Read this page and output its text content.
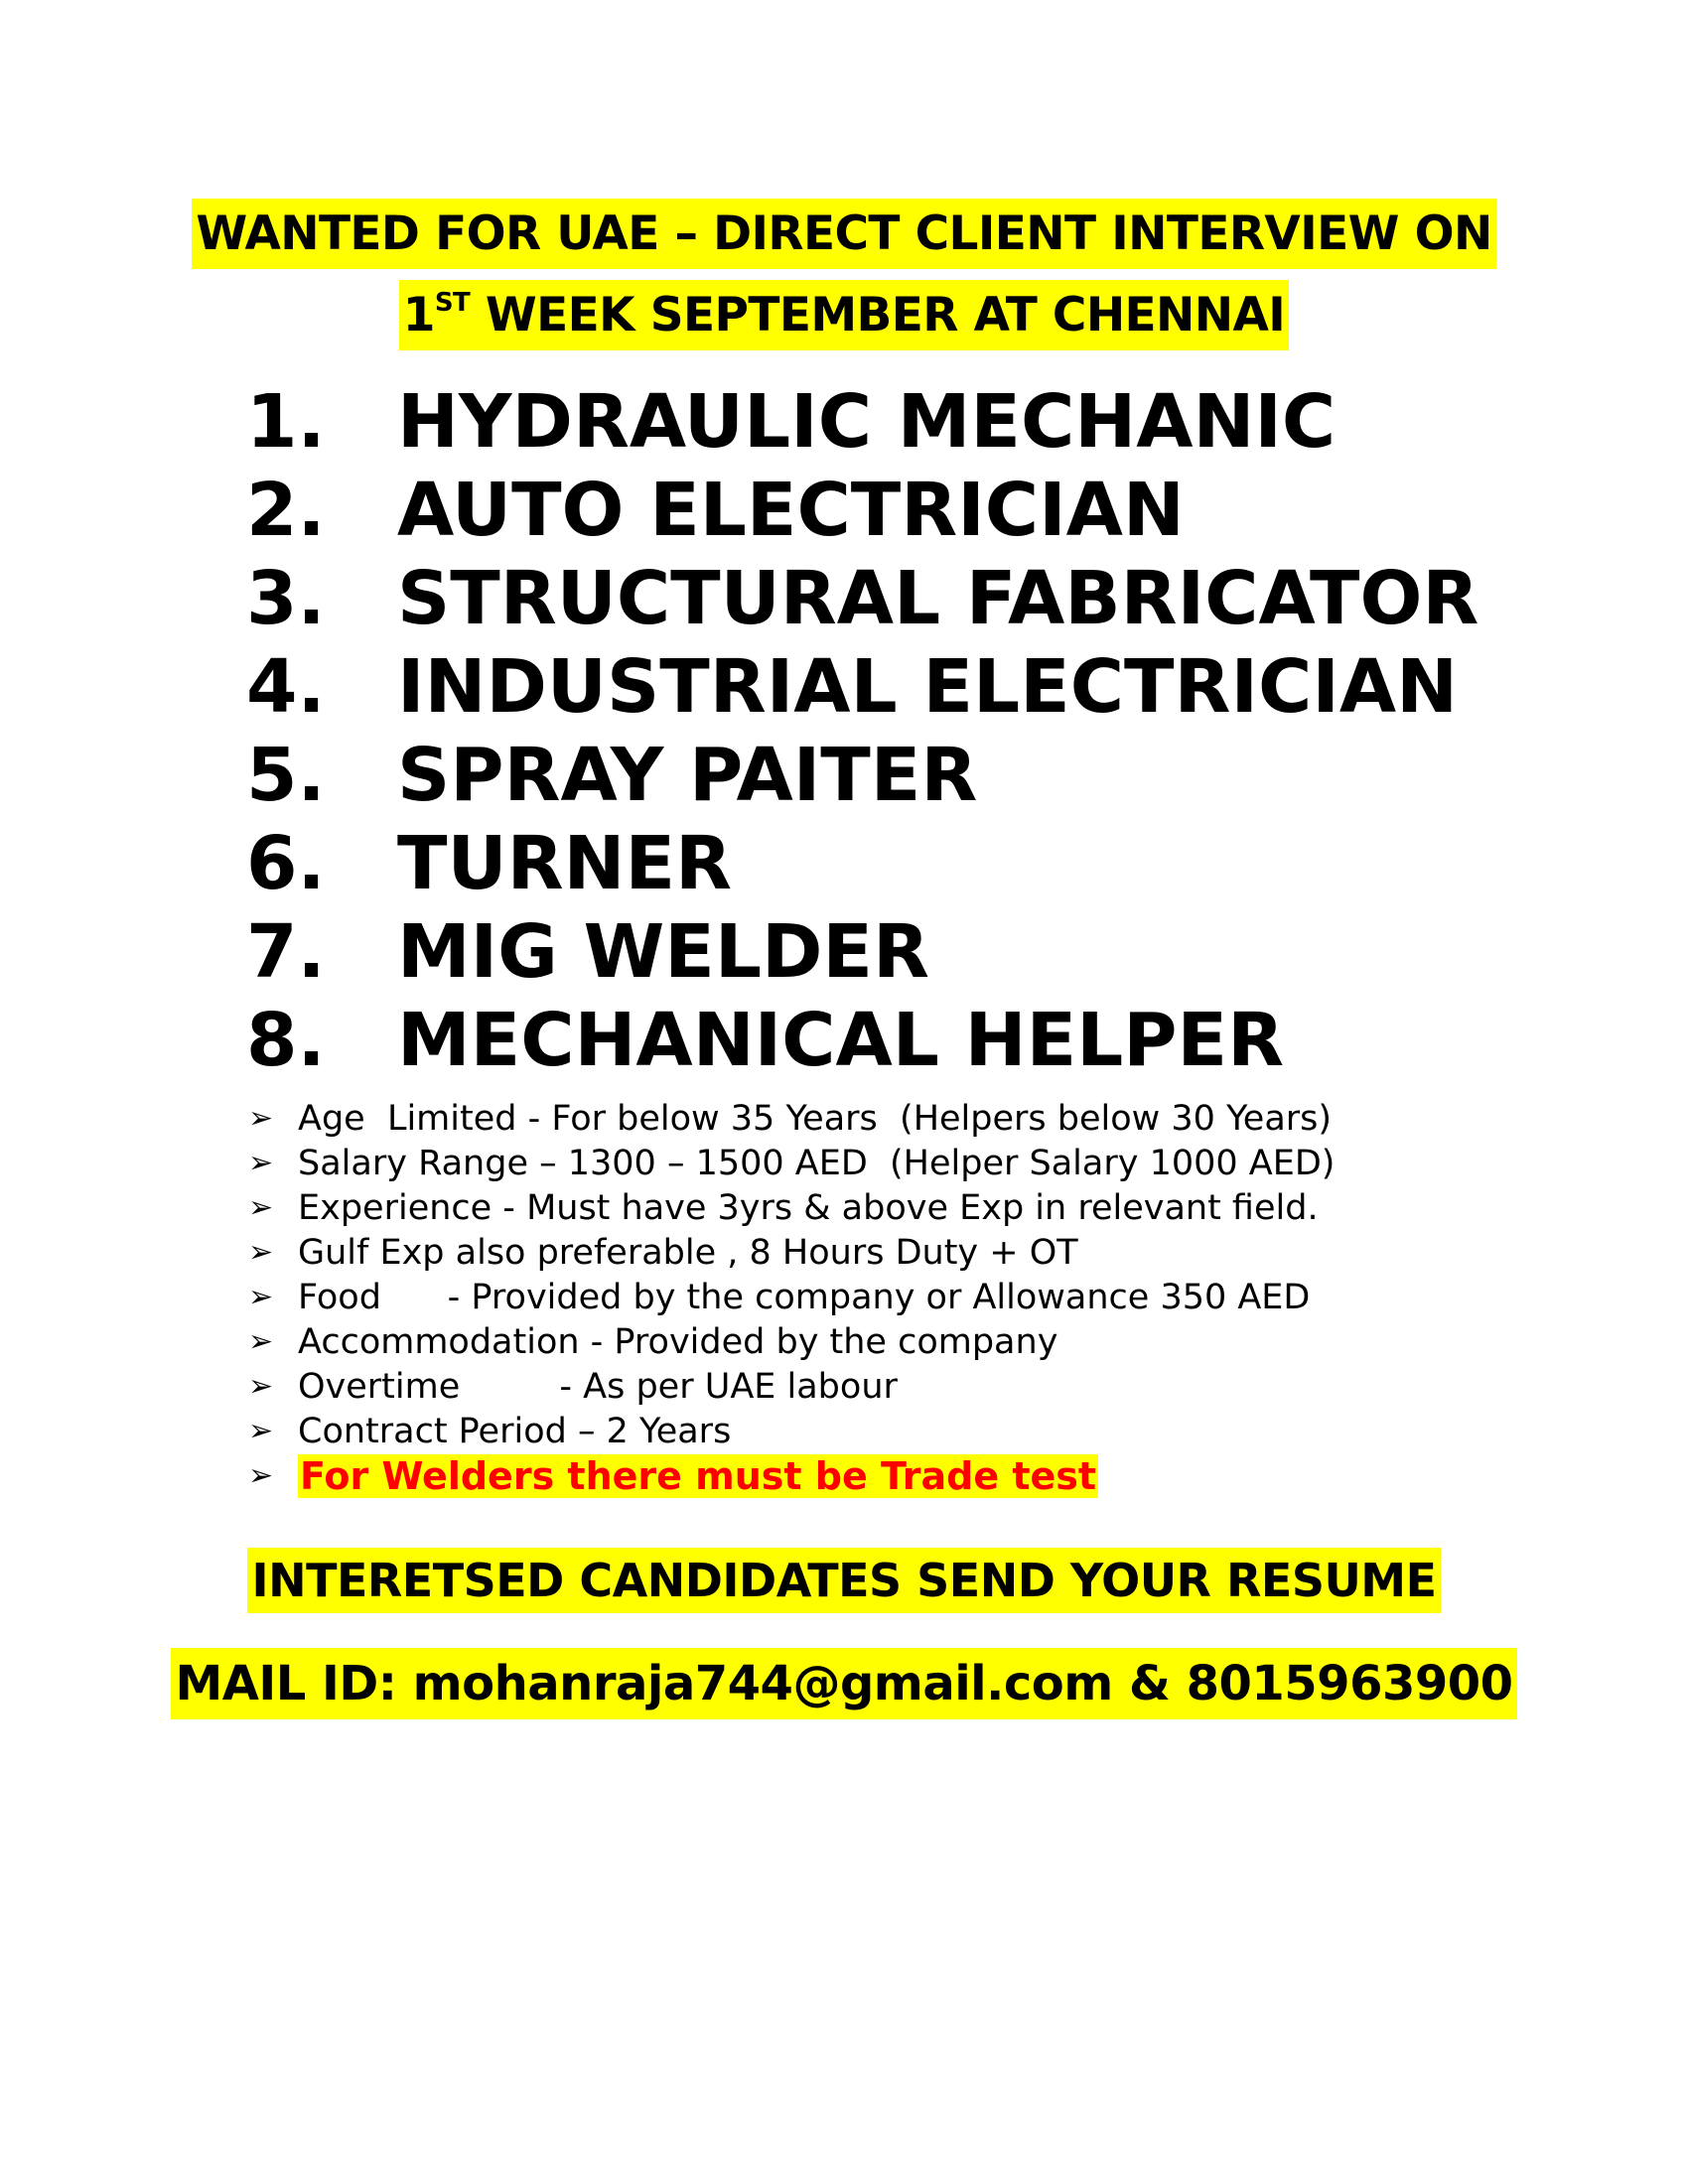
WANTED FOR UAE – DIRECT CLIENT INTERVIEW ON
1ST WEEK SEPTEMBER AT CHENNAI
1. HYDRAULIC MECHANIC
2. AUTO ELECTRICIAN
3. STRUCTURAL FABRICATOR
4. INDUSTRIAL ELECTRICIAN
5. SPRAY PAITER
6. TURNER
7. MIG WELDER
8. MECHANICAL HELPER
➢ Age  Limited - For below 35 Years  (Helpers below 30 Years)
➢ Salary Range – 1300 – 1500 AED  (Helper Salary 1000 AED)
➢ Experience - Must have 3yrs & above Exp in relevant field.
➢ Gulf Exp also preferable , 8 Hours Duty + OT
➢ Food      - Provided by the company or Allowance 350 AED
➢ Accommodation - Provided by the company
➢ Overtime         - As per UAE labour
➢ Contract Period – 2 Years
➢ For Welders there must be Trade test
INTERETSED CANDIDATES SEND YOUR RESUME
MAIL ID: mohanraja744@gmail.com & 8015963900
